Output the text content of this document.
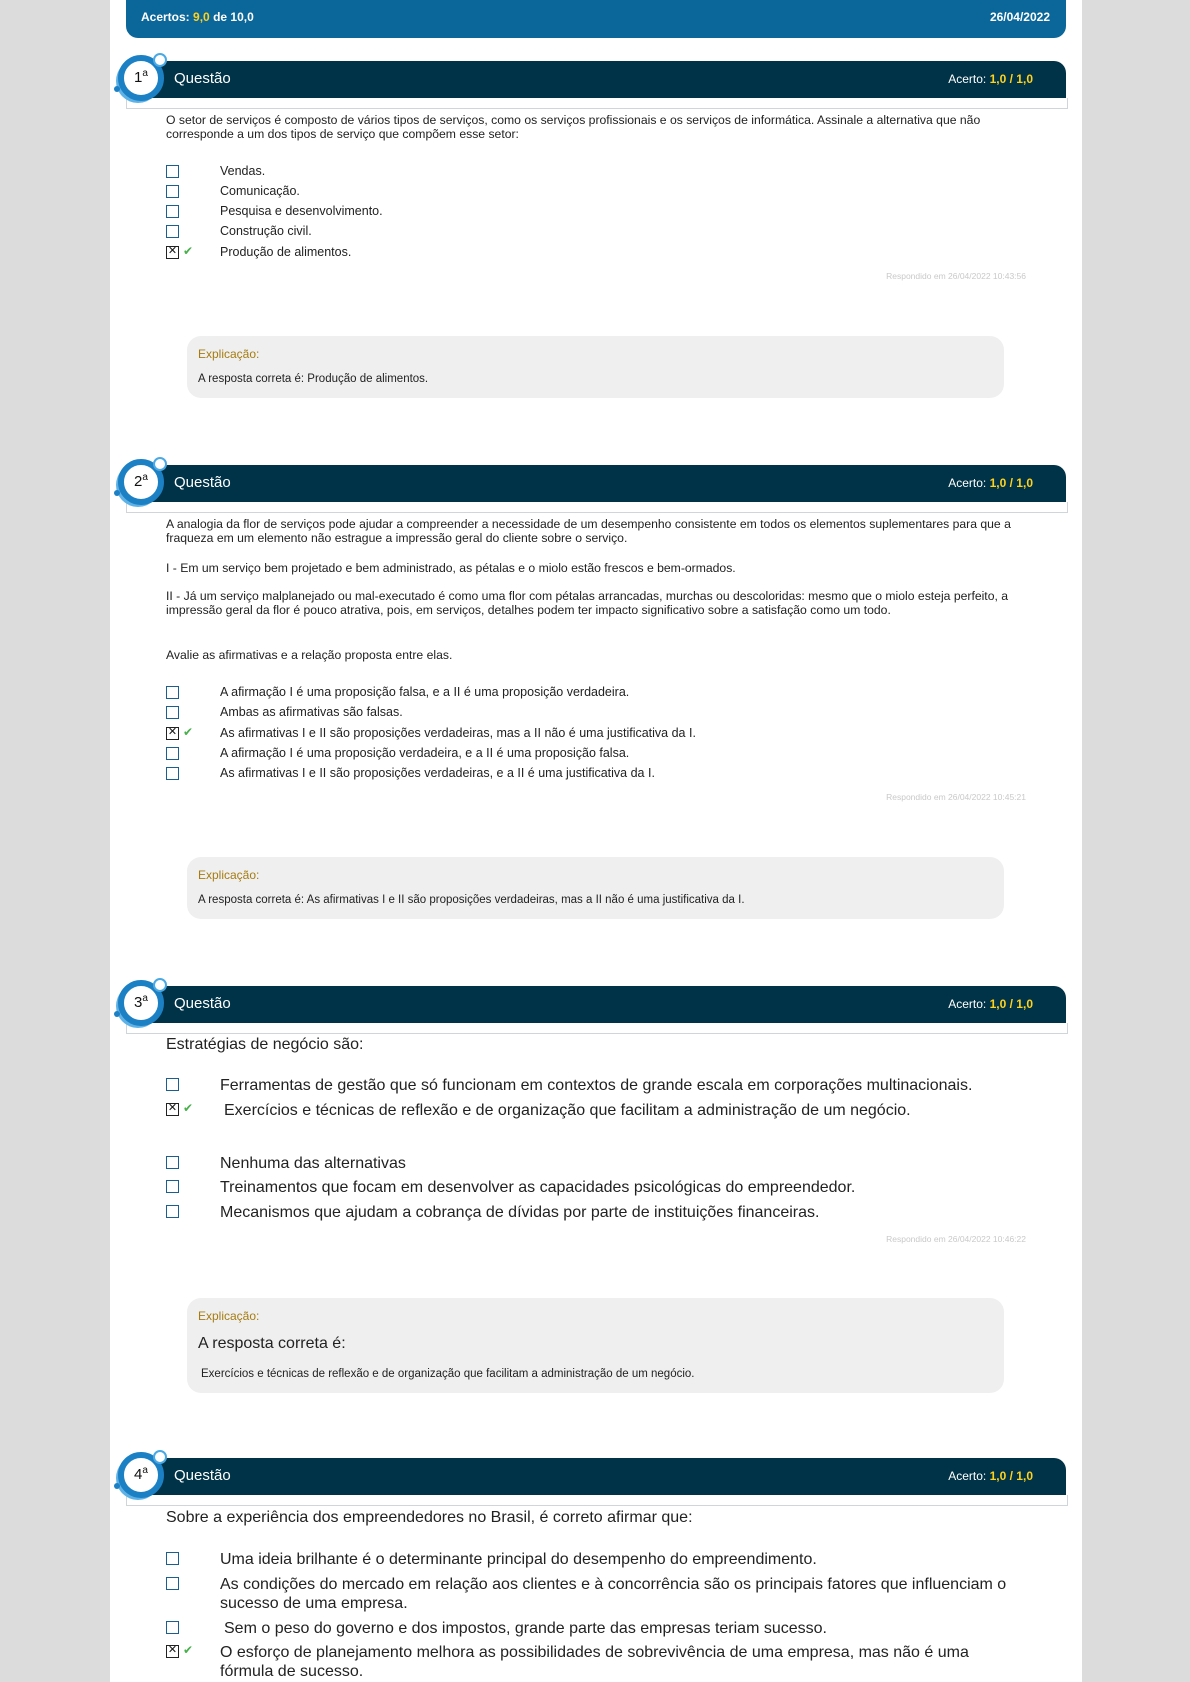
Acertos: 9,0 de 10,0	26/04/2022
Questão	Acerto: 1,0 / 1,0
1$^a$
O setor de serviços é composto de vários tipos de serviços, como os serviços profissionais e os serviços de informática. Assinale a alternativa que não corresponde a um dos tipos de serviço que compõem esse setor:
Vendas.
Comunicação.
Pesquisa e desenvolvimento.
Construção civil.
✕
✔ Produção de alimentos.
Respondido em 26/04/2022 10:43:56
Explicação:
A resposta correta é: Produção de alimentos.
Questão	Acerto: 1,0 / 1,0
2$^a$
A analogia da flor de serviços pode ajudar a compreender a necessidade de um desempenho consistente em todos os elementos suplementares para que a fraqueza em um elemento não estrague a impressão geral do cliente sobre o serviço.
I - Em um serviço bem projetado e bem administrado, as pétalas e o miolo estão frescos e bem-ormados.
II - Já um serviço malplanejado ou mal-executado é como uma flor com pétalas arrancadas, murchas ou descoloridas: mesmo que o miolo esteja perfeito, a impressão geral da flor é pouco atrativa, pois, em serviços, detalhes podem ter impacto significativo sobre a satisfação como um todo.
Avalie as afirmativas e a relação proposta entre elas.
A afirmação I é uma proposição falsa, e a II é uma proposição verdadeira.
Ambas as afirmativas são falsas.
✕
✔ As afirmativas I e II são proposições verdadeiras, mas a II não é uma justificativa da I.
A afirmação I é uma proposição verdadeira, e a II é uma proposição falsa.
As afirmativas I e II são proposições verdadeiras, e a II é uma justificativa da I.
Respondido em 26/04/2022 10:45:21
Explicação:
A resposta correta é: As afirmativas I e II são proposições verdadeiras, mas a II não é uma justificativa da I.
Questão	Acerto: 1,0 / 1,0
3$^a$
Estratégias de negócio são:
Ferramentas de gestão que só funcionam em contextos de grande escala em corporações multinacionais.
✕
✔ Exercícios e técnicas de reflexão e de organização que facilitam a administração de um negócio.
Nenhuma das alternativas
Treinamentos que focam em desenvolver as capacidades psicológicas do empreendedor.
Mecanismos que ajudam a cobrança de dívidas por parte de instituições financeiras.
Respondido em 26/04/2022 10:46:22
Explicação:
A resposta correta é:
Exercícios e técnicas de reflexão e de organização que facilitam a administração de um negócio.
Questão	Acerto: 1,0 / 1,0
4$^a$
Sobre a experiência dos empreendedores no Brasil, é correto afirmar que:
Uma ideia brilhante é o determinante principal do desempenho do empreendimento.
As condições do mercado em relação aos clientes e à concorrência são os principais fatores que influenciam o sucesso de uma empresa.
Sem o peso do governo e dos impostos, grande parte das empresas teriam sucesso.
✕
✔ O esforço de planejamento melhora as possibilidades de sobrevivência de uma empresa, mas não é uma fórmula de sucesso.
